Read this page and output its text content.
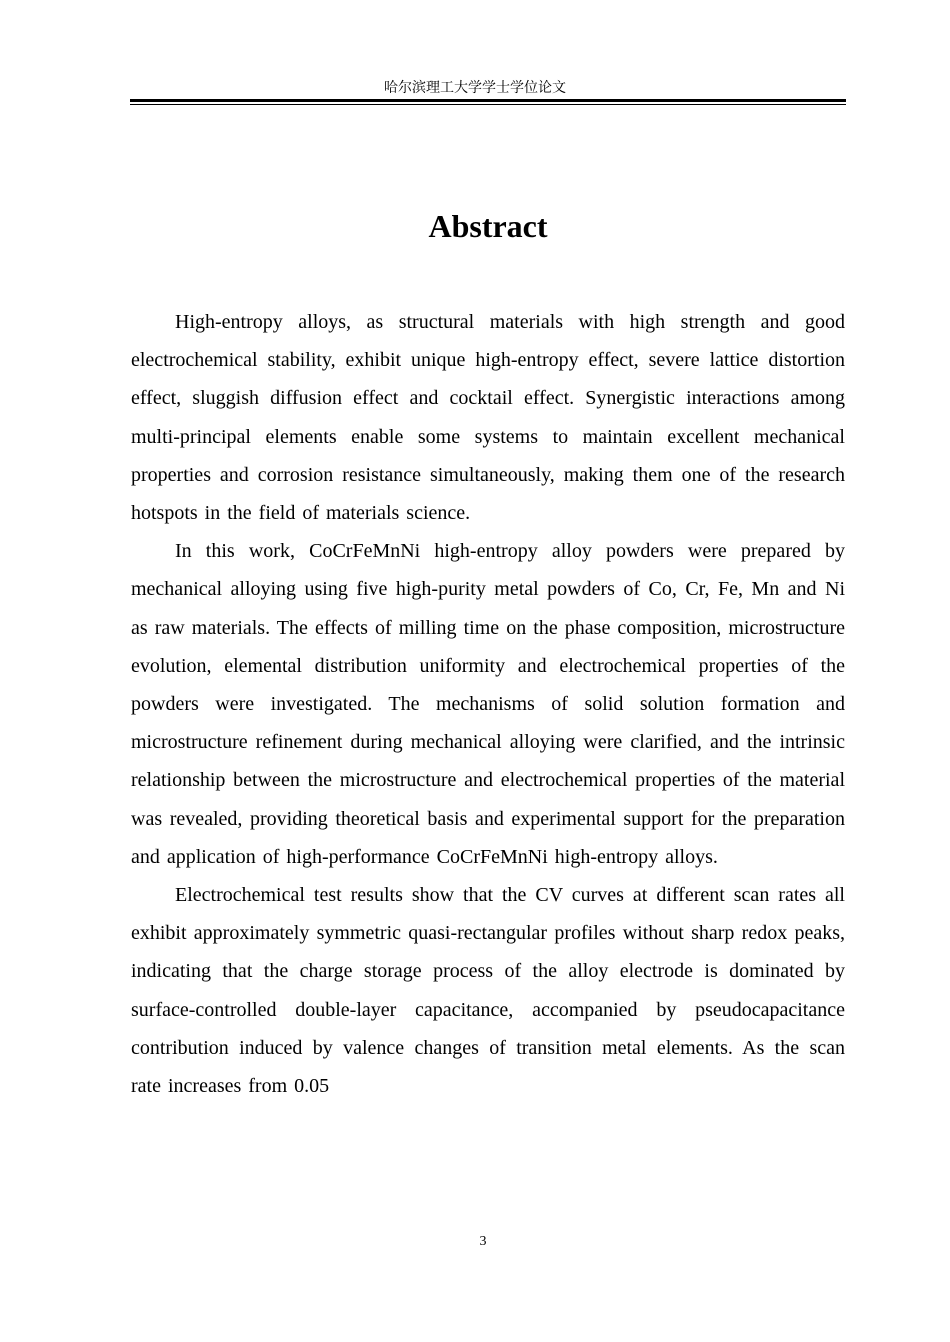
哈尔滨理工大学学士学位论文
Abstract

High-entropy alloys, as structural materials with high strength and good electrochemical stability, exhibit unique high-entropy effect, severe lattice distortion effect, sluggish diffusion effect and cocktail effect. Synergistic interactions among multi-principal elements enable some systems to maintain excellent mechanical properties and corrosion resistance simultaneously, making them one of the research hotspots in the field of materials science.

In this work, CoCrFeMnNi high-entropy alloy powders were prepared by mechanical alloying using five high-purity metal powders of Co, Cr, Fe, Mn and Ni as raw materials. The effects of milling time on the phase composition, microstructure evolution, elemental distribution uniformity and electrochemical properties of the powders were investigated. The mechanisms of solid solution formation and microstructure refinement during mechanical alloying were clarified, and the intrinsic relationship between the microstructure and electrochemical properties of the material was revealed, providing theoretical basis and experimental support for the preparation and application of high-performance CoCrFeMnNi high-entropy alloys.

Electrochemical test results show that the CV curves at different scan rates all exhibit approximately symmetric quasi-rectangular profiles without sharp redox peaks, indicating that the charge storage process of the alloy electrode is dominated by surface-controlled double-layer capacitance, accompanied by pseudocapacitance contribution induced by valence changes of transition metal elements. As the scan rate increases from 0.05

3
